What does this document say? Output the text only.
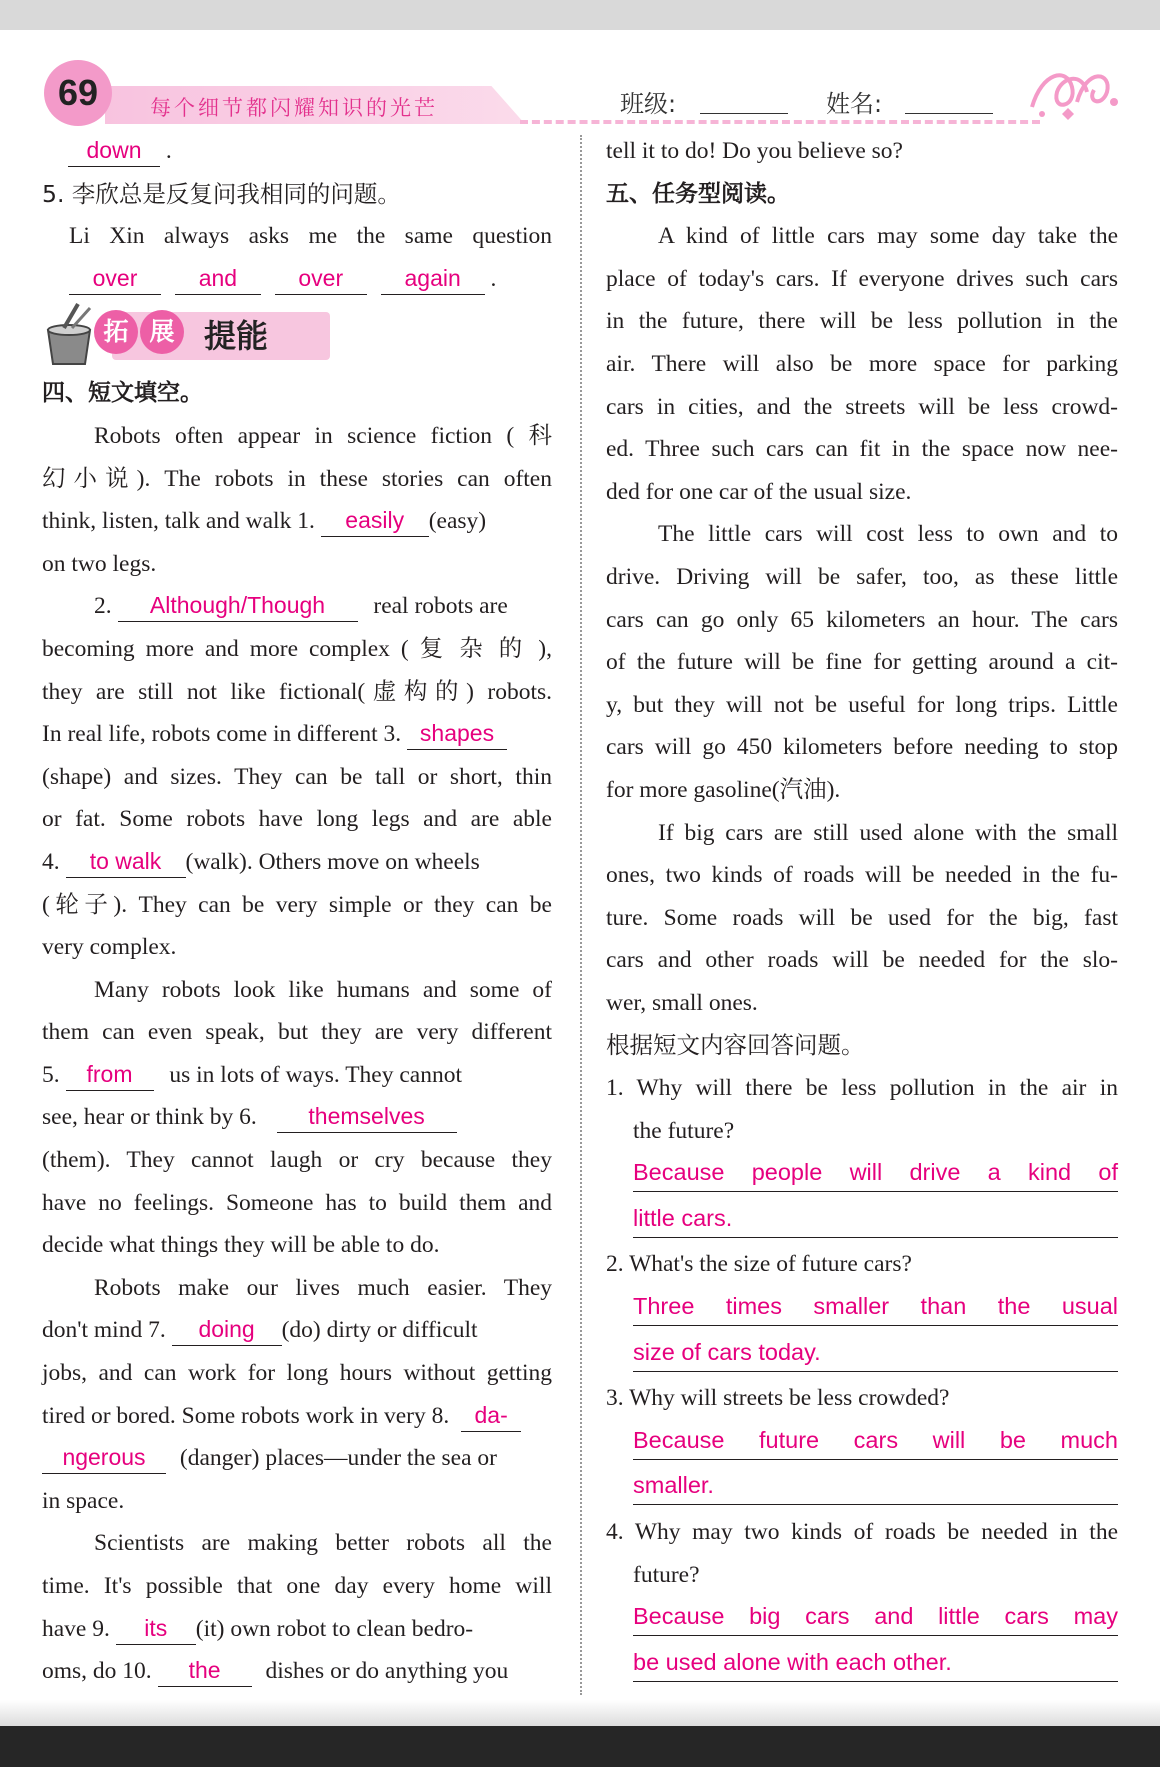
69	每个细节都闪耀知识的光芒	班级:	姓名:
down .
5. 李欣总是反复问我相同的问题。
Li Xin always asks me the same question
over	and	over	again .
拓 展 提能
四、短文填空。
Robots often appear in science fiction ( 科
幻小说). The robots in these stories can often
think, listen, talk and walk 1. easily (easy)
on two legs.
2. Although/Though real robots are
becoming more and more complex ( 复 杂 的 ),
they are still not like fictional(虚构的) robots.
In real life, robots come in different 3. shapes
(shape) and sizes. They can be tall or short, thin
or fat. Some robots have long legs and are able
4. to walk (walk). Others move on wheels
(轮子). They can be very simple or they can be
very complex.
Many robots look like humans and some of
them can even speak, but they are very different
5. from us in lots of ways. They cannot
see, hear or think by 6. themselves
(them). They cannot laugh or cry because they
have no feelings. Someone has to build them and
decide what things they will be able to do.
Robots make our lives much easier. They
don't mind 7. doing (do) dirty or difficult
jobs, and can work for long hours without getting
tired or bored. Some robots work in very 8. da-
ngerous (danger) places—under the sea or
in space.
Scientists are making better robots all the
time. It's possible that one day every home will
have 9. its (it) own robot to clean bedro-
oms, do 10. the dishes or do anything you
tell it to do! Do you believe so?
五、任务型阅读。
A kind of little cars may some day take the
place of today's cars. If everyone drives such cars
in the future, there will be less pollution in the
air. There will also be more space for parking
cars in cities, and the streets will be less crowd-
ed. Three such cars can fit in the space now nee-
ded for one car of the usual size.
The little cars will cost less to own and to
drive. Driving will be safer, too, as these little
cars can go only 65 kilometers an hour. The cars
of the future will be fine for getting around a cit-
y, but they will not be useful for long trips. Little
cars will go 450 kilometers before needing to stop
for more gasoline(汽油).
If big cars are still used alone with the small
ones, two kinds of roads will be needed in the fu-
ture. Some roads will be used for the big, fast
cars and other roads will be needed for the slo-
wer, small ones.
根据短文内容回答问题。
1. Why will there be less pollution in the air in
the future?
Because people will drive a kind of
little cars.
2. What's the size of future cars?
Three times smaller than the usual
size of cars today.
3. Why will streets be less crowded?
Because future cars will be much
smaller.
4. Why may two kinds of roads be needed in the
future?
Because big cars and little cars may
be used alone with each other.
